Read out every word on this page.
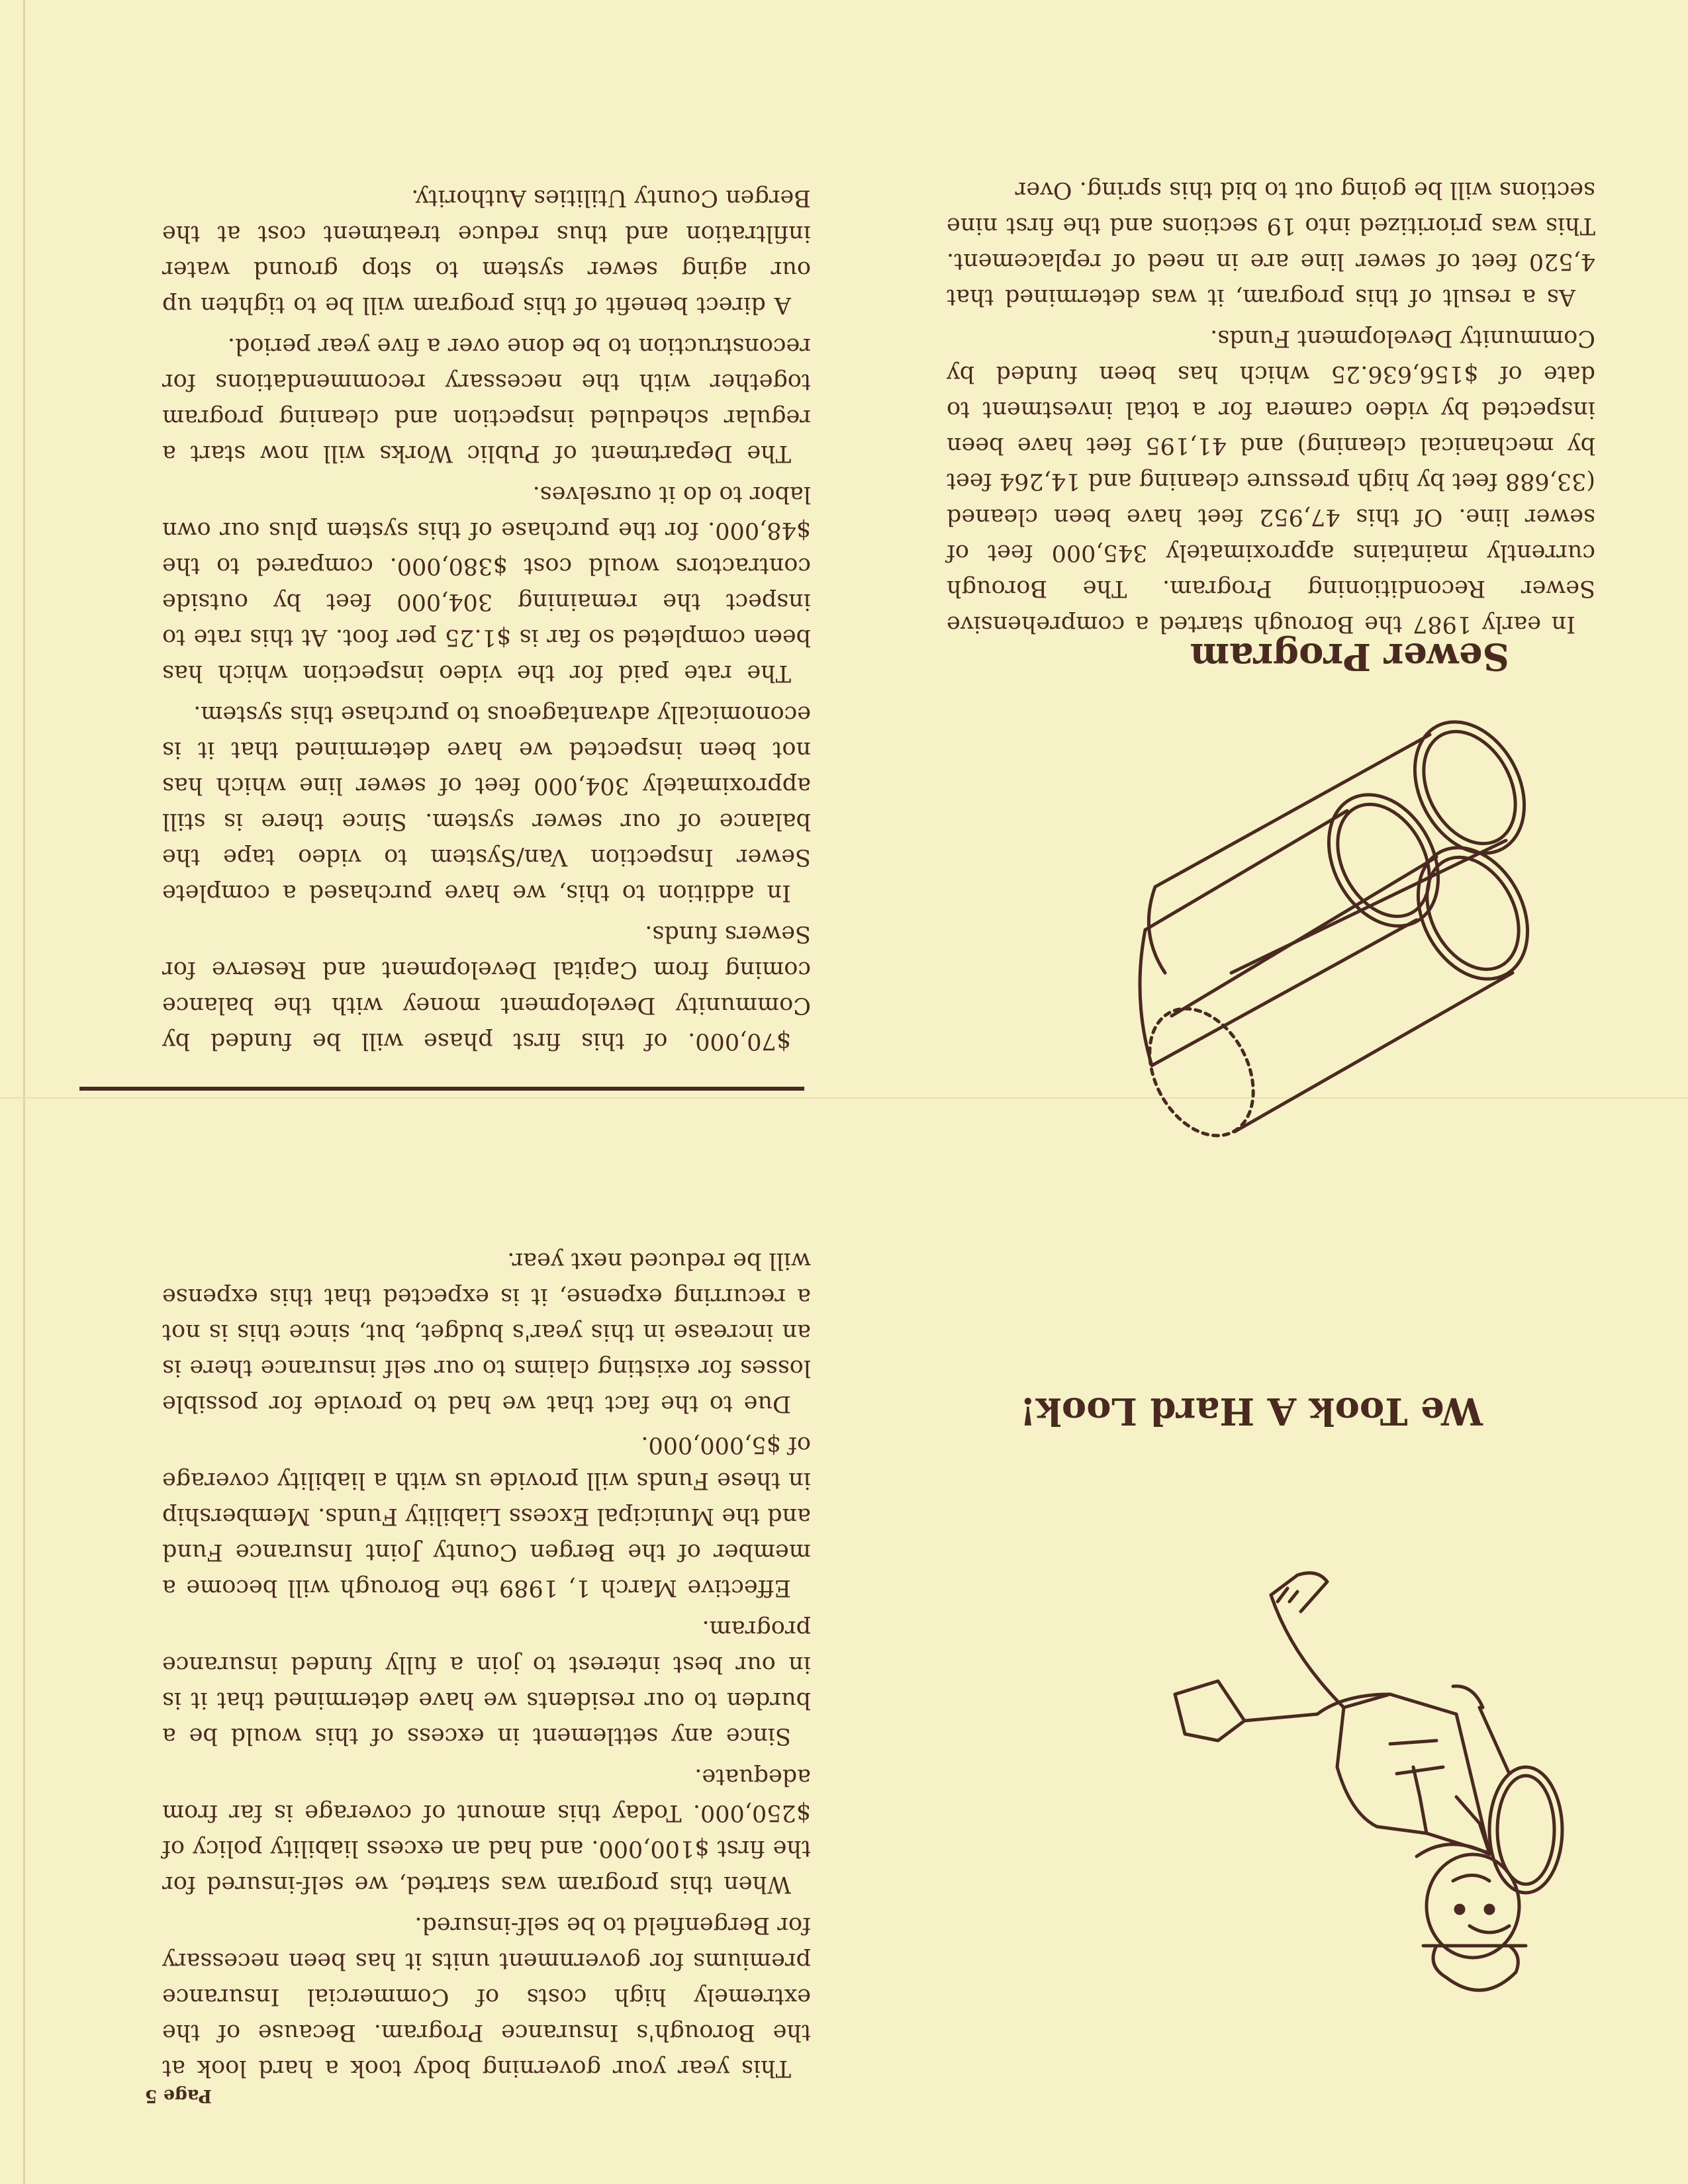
Page 5

This year your governing body took a hard look at the Borough's Insurance Program. Because of the extremely high costs of Commercial Insurance premiums for government units it has been necessary for Bergenfield to be self-insured.

When this program was started, we self-insured for the first $100,000. and had an excess liability policy of $250,000. Today this amount of coverage is far from adequate.

Since any settlement in excess of this would be a burden to our residents we have determined that it is in our best interest to join a fully funded insurance program.

Effective March 1, 1989 the Borough will become a member of the Bergen County Joint Insurance Fund and the Municipal Excess Liability Funds. Membership in these Funds will provide us with a liability coverage of $5,000,000.

Due to the fact that we had to provide for possible losses for existing claims to our self insurance there is an increase in this year's budget, but, since this is not a recurring expense, it is expected that this expense will be reduced next year.

We Took A Hard Look!
Sewer Program

In early 1987 the Borough started a comprehensive Sewer Reconditioning Program. The Borough currently maintains approximately 345,000 feet of sewer line. Of this 47,952 feet have been cleaned (33,688 feet by high pressure cleaning and 14,264 feet by mechanical cleaning) and 41,195 feet have been inspected by video camera for a total investment to date of $156,636.25 which has been funded by Community Development Funds.

As a result of this program, it was determined that 4,520 feet of sewer line are in need of replacement. This was prioritized into 19 sections and the first nine sections will be going out to bid this spring. Over

$70,000. of this first phase will be funded by Community Development money with the balance coming from Capital Development and Reserve for Sewers funds.

In addition to this, we have purchased a complete Sewer Inspection Van/System to video tape the balance of our sewer system. Since there is still approximately 304,000 feet of sewer line which has not been inspected we have determined that it is economically advantageous to purchase this system.

The rate paid for the video inspection which has been completed so far is $1.25 per foot. At this rate to inspect the remaining 304,000 feet by outside contractors would cost $380,000. compared to the $48,000. for the purchase of this system plus our own labor to do it ourselves.

The Department of Public Works will now start a regular scheduled inspection and cleaning program together with the necessary recommendations for reconstruction to be done over a five year period.

A direct benefit of this program will be to tighten up our aging sewer system to stop ground water infiltration and thus reduce treatment cost at the Bergen County Utilities Authority.
